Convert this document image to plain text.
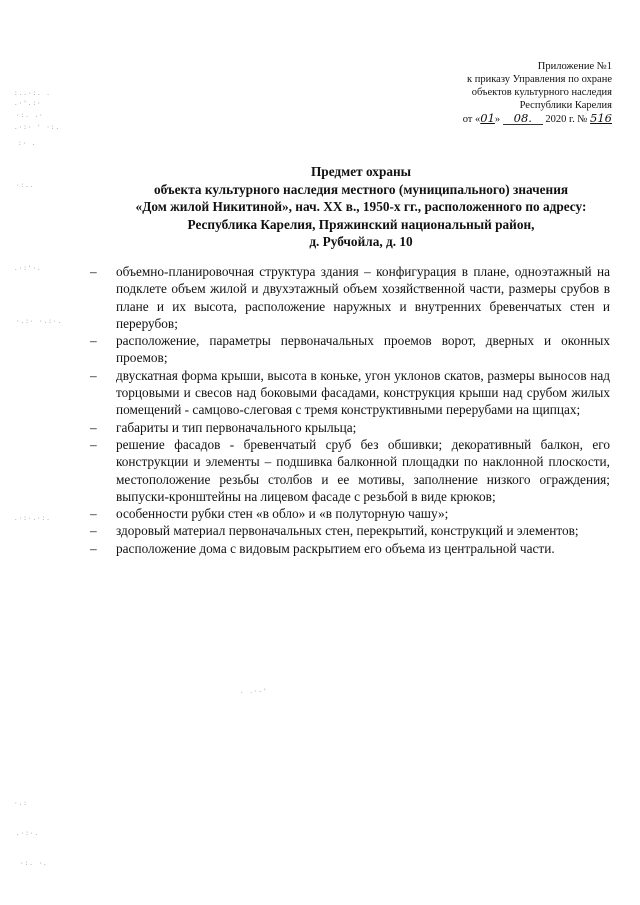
Приложение №1
к приказу Управления по охране
объектов культурного наследия
Республики Карелия
от «01» 08. 2020 г. № 516
Предмет охраны
объекта культурного наследия местного (муниципального) значения
«Дом жилой Никитиной», нач. XX в., 1950-х гг., расположенного по адресу:
Республика Карелия, Пряжинский национальный район,
д. Рубчойла, д. 10
– объемно-планировочная структура здания – конфигурация в плане, одноэтажный на подклете объем жилой и двухэтажный объем хозяйственной части, размеры срубов в плане и их высота, расположение наружных и внутренних бревенчатых стен и перерубов;
– расположение, параметры первоначальных проемов ворот, дверных и оконных проемов;
– двускатная форма крыши, высота в коньке, угон уклонов скатов, размеры выносов над торцовыми и свесов над боковыми фасадами, конструкция крыши над срубом жилых помещений - самцово-слеговая с тремя конструктивными перерубами на щипцах;
– габариты и тип первоначального крыльца;
– решение фасадов - бревенчатый сруб без обшивки; декоративный балкон, его конструкции и элементы – подшивка балконной площадки по наклонной плоскости, местоположение резьбы столбов и ее мотивы, заполнение низкого ограждения; выпуски-кронштейны на лицевом фасаде с резьбой в виде крюков;
– особенности рубки стен «в обло» и «в полуторную чашу»;
– здоровый материал первоначальных стен, перекрытий, конструкций и элементов;
– расположение дома с видовым раскрытием его объема из центральной части.
:..·:. .
.·'.:·
·:. .·
.·:· ' ·:.
:· .
·:..
.·:'·.
·.:· ·.:·.
.·:·.·:.
. .·-'
·.:
.·:·.
·:. ·.
